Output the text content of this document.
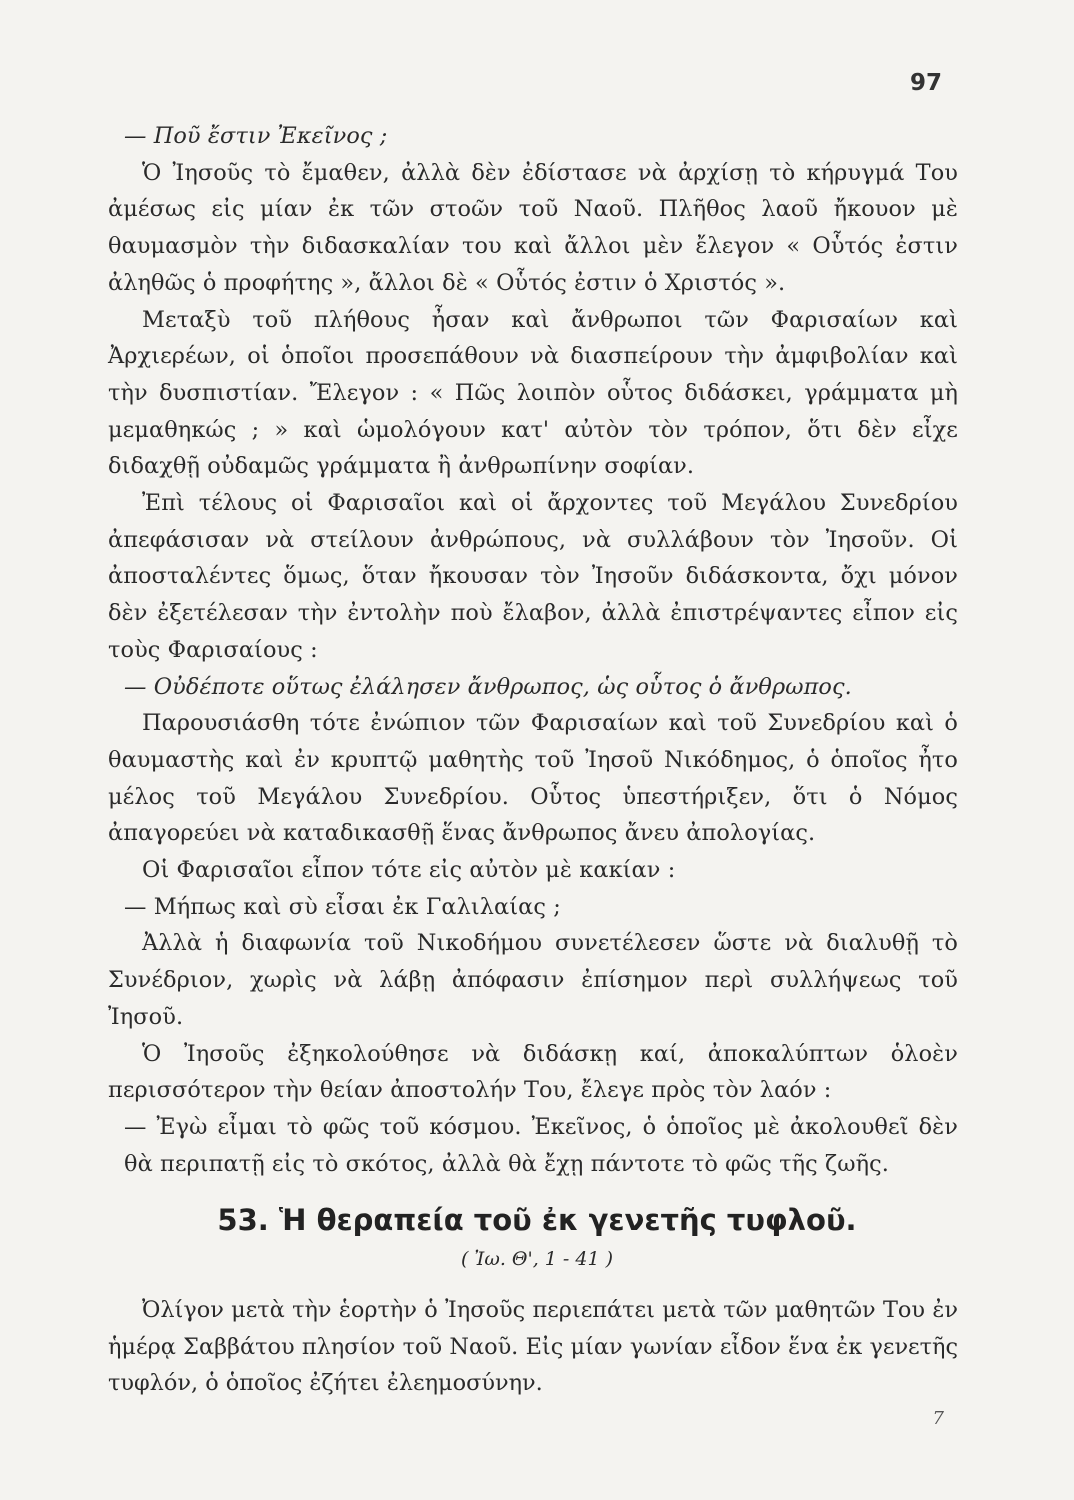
97

— Ποῦ ἔστιν Ἐκεῖνος ;

Ὁ Ἰησοῦς τὸ ἔμαθεν, ἀλλὰ δὲν ἐδίστασε νὰ ἀρχίσῃ τὸ κήρυγμά Του ἀμέσως εἰς μίαν ἐκ τῶν στοῶν τοῦ Ναοῦ. Πλῆθος λαοῦ ἤκουον μὲ θαυμασμὸν τὴν διδασκαλίαν του καὶ ἄλλοι μὲν ἔλεγον « Οὗτός ἐστιν ἀληθῶς ὁ προφήτης », ἄλλοι δὲ « Οὗτός ἐστιν ὁ Χριστός ».

Μεταξὺ τοῦ πλήθους ἦσαν καὶ ἄνθρωποι τῶν Φαρισαίων καὶ Ἀρχιερέων, οἱ ὁποῖοι προσεπάθουν νὰ διασπείρουν τὴν ἀμφιβολίαν καὶ τὴν δυσπιστίαν. Ἔλεγον : « Πῶς λοιπὸν οὗτος διδάσκει, γράμματα μὴ μεμαθηκώς ; » καὶ ὡμολόγουν κατ' αὐτὸν τὸν τρόπον, ὅτι δὲν εἶχε διδαχθῇ οὐδαμῶς γράμματα ἢ ἀνθρωπίνην σοφίαν.

Ἐπὶ τέλους οἱ Φαρισαῖοι καὶ οἱ ἄρχοντες τοῦ Μεγάλου Συνεδρίου ἀπεφάσισαν νὰ στείλουν ἀνθρώπους, νὰ συλλάβουν τὸν Ἰησοῦν. Οἱ ἀποσταλέντες ὅμως, ὅταν ἤκουσαν τὸν Ἰησοῦν διδάσκοντα, ὄχι μόνον δὲν ἐξετέλεσαν τὴν ἐντολὴν ποὺ ἔλαβον, ἀλλὰ ἐπιστρέψαντες εἶπον εἰς τοὺς Φαρισαίους :

— Οὐδέποτε οὕτως ἐλάλησεν ἄνθρωπος, ὡς οὗτος ὁ ἄνθρωπος.

Παρουσιάσθη τότε ἐνώπιον τῶν Φαρισαίων καὶ τοῦ Συνεδρίου καὶ ὁ θαυμαστὴς καὶ ἐν κρυπτῷ μαθητὴς τοῦ Ἰησοῦ Νικόδημος, ὁ ὁποῖος ἦτο μέλος τοῦ Μεγάλου Συνεδρίου. Οὗτος ὑπεστήριξεν, ὅτι ὁ Νόμος ἀπαγορεύει νὰ καταδικασθῇ ἕνας ἄνθρωπος ἄνευ ἀπολογίας.

Οἱ Φαρισαῖοι εἶπον τότε εἰς αὐτὸν μὲ κακίαν :

— Μήπως καὶ σὺ εἶσαι ἐκ Γαλιλαίας ;

Ἀλλὰ ἡ διαφωνία τοῦ Νικοδήμου συνετέλεσεν ὥστε νὰ διαλυθῇ τὸ Συνέδριον, χωρὶς νὰ λάβῃ ἀπόφασιν ἐπίσημον περὶ συλλήψεως τοῦ Ἰησοῦ.

Ὁ Ἰησοῦς ἐξηκολούθησε νὰ διδάσκῃ καί, ἀποκαλύπτων ὁλοὲν περισσότερον τὴν θείαν ἀποστολήν Του, ἔλεγε πρὸς τὸν λαόν :

— Ἐγὼ εἶμαι τὸ φῶς τοῦ κόσμου. Ἐκεῖνος, ὁ ὁποῖος μὲ ἀκολουθεῖ δὲν θὰ περιπατῇ εἰς τὸ σκότος, ἀλλὰ θὰ ἔχῃ πάντοτε τὸ φῶς τῆς ζωῆς.

53. Ἡ θεραπεία τοῦ ἐκ γενετῆς τυφλοῦ.
( Ἰω. Θ', 1 - 41 )

Ὀλίγον μετὰ τὴν ἑορτὴν ὁ Ἰησοῦς περιεπάτει μετὰ τῶν μαθητῶν Του ἐν ἡμέρᾳ Σαββάτου πλησίον τοῦ Ναοῦ. Εἰς μίαν γωνίαν εἶδον ἕνα ἐκ γενετῆς τυφλόν, ὁ ὁποῖος ἐζήτει ἐλεημοσύνην.

7
